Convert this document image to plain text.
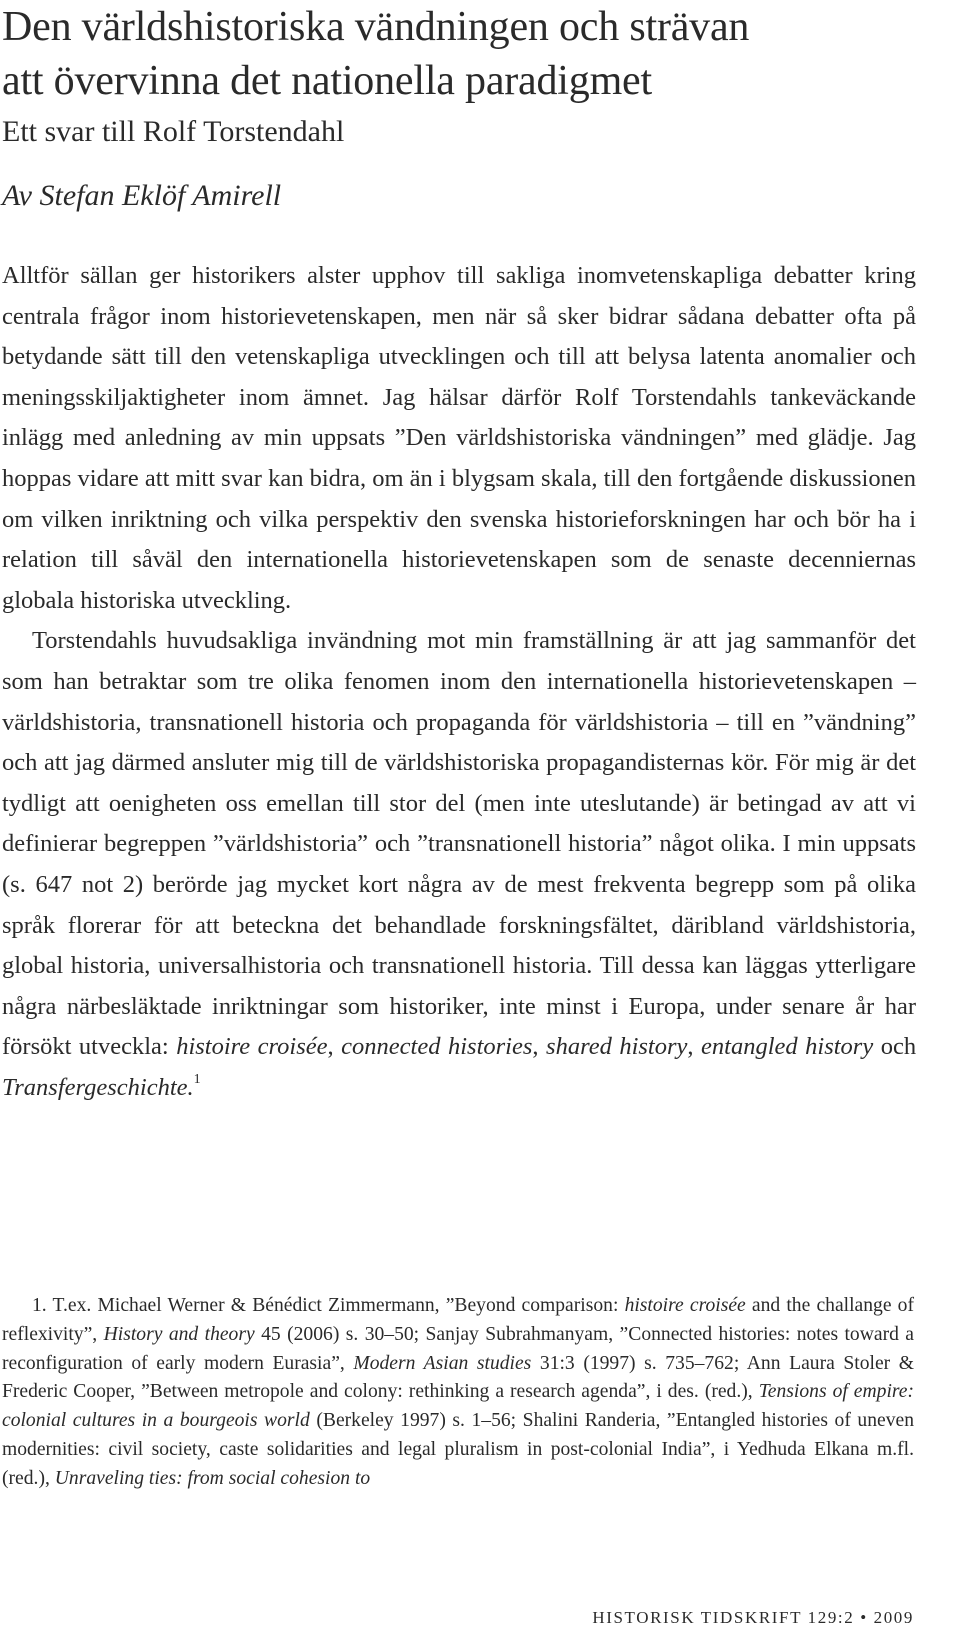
Den världshistoriska vändningen och strävan
att övervinna det nationella paradigmet
Ett svar till Rolf Torstendahl
Av Stefan Eklöf Amirell

Alltför sällan ger historikers alster upphov till sakliga inomvetenskapliga debatter kring centrala frågor inom historievetenskapen, men när så sker bidrar sådana debatter ofta på betydande sätt till den vetenskapliga utvecklingen och till att belysa latenta anomalier och meningsskiljaktigheter inom ämnet. Jag hälsar därför Rolf Torstendahls tankeväckande inlägg med anledning av min uppsats ”Den världshistoriska vändningen” med glädje. Jag hoppas vidare att mitt svar kan bidra, om än i blygsam skala, till den fortgående diskussionen om vilken inriktning och vilka perspektiv den svenska historieforskningen har och bör ha i relation till såväl den internationella historievetenskapen som de senaste decenniernas globala historiska utveckling.

Torstendahls huvudsakliga invändning mot min framställning är att jag sammanför det som han betraktar som tre olika fenomen inom den internationella historievetenskapen – världshistoria, transnationell historia och propaganda för världshistoria – till en ”vändning” och att jag därmed ansluter mig till de världshistoriska propagandisternas kör. För mig är det tydligt att oenigheten oss emellan till stor del (men inte uteslutande) är betingad av att vi definierar begreppen ”världshistoria” och ”transnationell historia” något olika. I min uppsats (s. 647 not 2) berörde jag mycket kort några av de mest frekventa begrepp som på olika språk florerar för att beteckna det behandlade forskningsfältet, däribland världshistoria, global historia, universalhistoria och transnationell historia. Till dessa kan läggas ytterligare några närbesläktade inriktningar som historiker, inte minst i Europa, under senare år har försökt utveckla: histoire croisée, connected histories, shared history, entangled history och Transfergeschichte.$^1$

1. T.ex. Michael Werner & Bénédict Zimmermann, ”Beyond comparison: histoire croisée and the challange of reflexivity”, History and theory 45 (2006) s. 30–50; Sanjay Subrahmanyam, ”Connected histories: notes toward a reconfiguration of early modern Eurasia”, Modern Asian studies 31:3 (1997) s. 735–762; Ann Laura Stoler & Frederic Cooper, ”Between metropole and colony: rethinking a research agenda”, i des. (red.), Tensions of empire: colonial cultures in a bourgeois world (Berkeley 1997) s. 1–56; Shalini Randeria, ”Entangled histories of uneven modernities: civil society, caste solidarities and legal pluralism in post-colonial India”, i Yedhuda Elkana m.fl. (red.), Unraveling ties: from social cohesion to
HISTORISK TIDSKRIFT 129:2 • 2009
